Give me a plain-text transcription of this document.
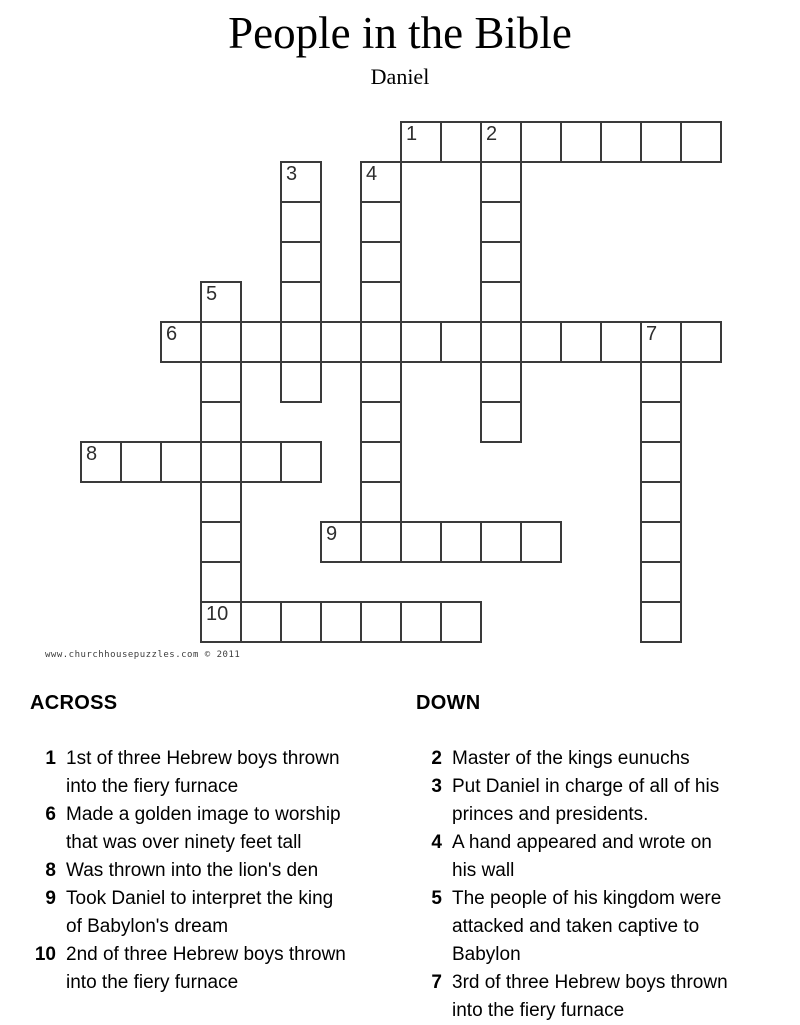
People in the Bible
Daniel
1	2
3	4
5
6	7
8
9
10
www.churchhousepuzzles.com © 2011
ACROSS
1 1st of three Hebrew boys thrown into the fiery furnace
6 Made a golden image to worship that was over ninety feet tall
8 Was thrown into the lion's den
9 Took Daniel to interpret the king of Babylon's dream
10 2nd of three Hebrew boys thrown into the fiery furnace
DOWN
2 Master of the kings eunuchs
3 Put Daniel in charge of all of his princes and presidents.
4 A hand appeared and wrote on his wall
5 The people of his kingdom were attacked and taken captive to Babylon
7 3rd of three Hebrew boys thrown into the fiery furnace
